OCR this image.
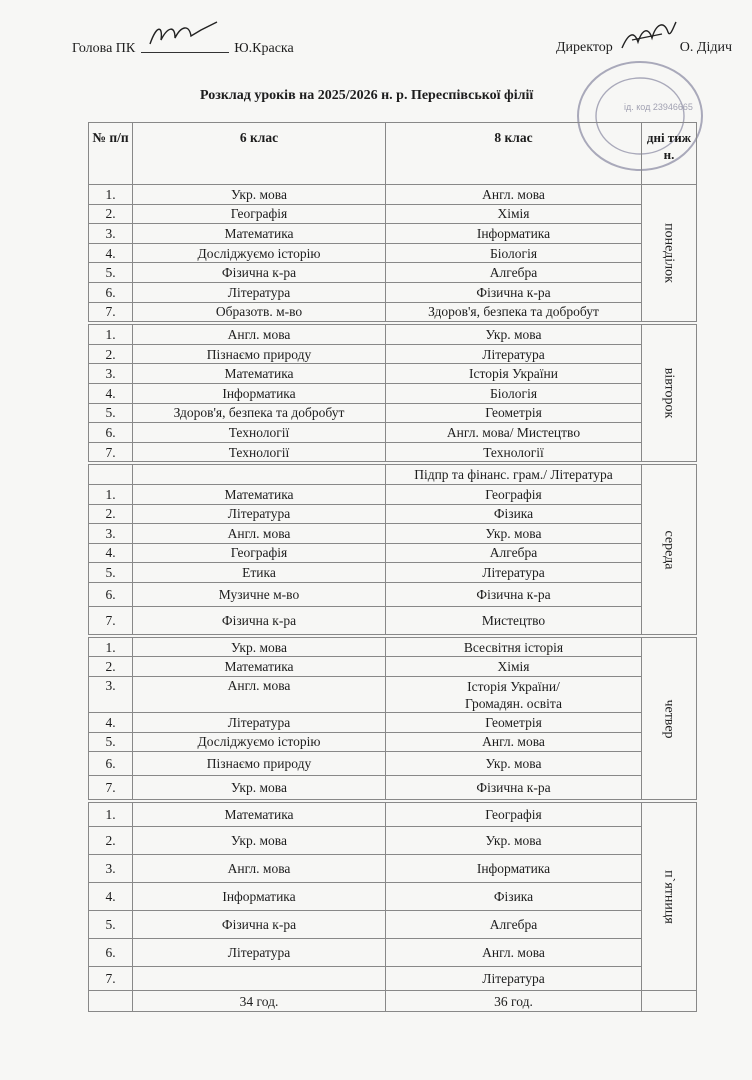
Голова ПК	Ю.Краска	Директор	О. Дідич
ід. код 23946665
Розклад уроків на 2025/2026 н. р. Переспівської філії
№ п/п	6 клас	8 клас	дні тиж н.
1.	Укр. мова	Англ. мова	понеділок

2.	Географія	Хімія	
3.	Математика	Інформатика	
4.	Досліджуємо історію	Біологія	
5.	Фізична к-ра	Алгебра	
6.	Література	Фізична к-ра	
7.	Образотв. м-во	Здоров'я, безпека та добробут	

1.	Англ. мова	Укр. мова	вівторок

2.	Пізнаємо природу	Література	
3.	Математика	Історія України	
4.	Інформатика	Біологія	
5.	Здоров'я, безпека та добробут	Геометрія	
6.	Технології	Англ. мова/ Мистецтво	
7.	Технології	Технології	

		Підпр та фінанс. грам./ Література	середа

1.	Математика	Географія	
2.	Література	Фізика	
3.	Англ. мова	Укр. мова	
4.	Географія	Алгебра	
5.	Етика	Література	
6.	Музичне м-во	Фізична к-ра	
7.	Фізична к-ра	Мистецтво	

1.	Укр. мова	Всесвітня історія	четвер

2.	Математика	Хімія	
3.	Англ. мова	Історія України/
Громадян. освіта	

4.	Література	Геометрія	
5.	Досліджуємо історію	Англ. мова	
6.	Пізнаємо природу	Укр. мова	
7.	Укр. мова	Фізична к-ра	

1.	Математика	Географія	п`ятниця

2.	Укр. мова	Укр. мова	
3.	Англ. мова	Інформатика	
4.	Інформатика	Фізика	
5.	Фізична к-ра	Алгебра	
6.	Література	Англ. мова	
7.		Література	
	34 год.	36 год.	
